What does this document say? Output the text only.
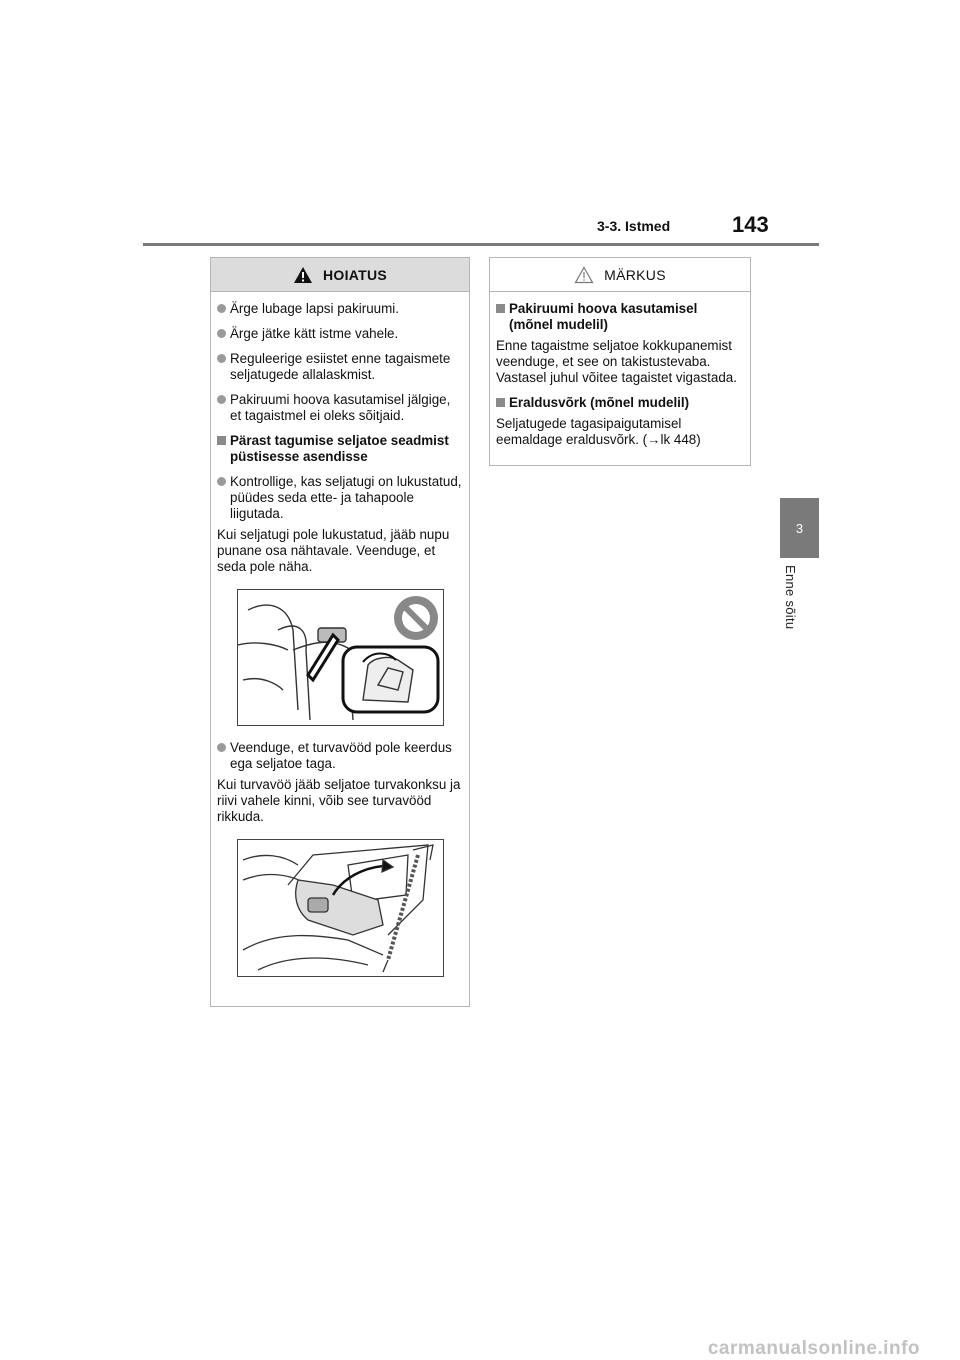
3-3. Istmed	143
3
Enne sõitu
HOIATUS
Ärge lubage lapsi pakiruumi.
Ärge jätke kätt istme vahele.
Reguleerige esiistet enne tagaismete seljatugede allalaskmist.
Pakiruumi hoova kasutamisel jälgige, et tagaistmel ei oleks sõitjaid.
Pärast tagumise seljatoe seadmist püstisesse asendisse
Kontrollige, kas seljatugi on lukustatud, püüdes seda ette- ja tahapoole liigutada.
Kui seljatugi pole lukustatud, jääb nupu punane osa nähtavale. Veenduge, et seda pole näha.
Veenduge, et turvavööd pole keerdus ega seljatoe taga.
Kui turvavöö jääb seljatoe turvakonksu ja riivi vahele kinni, võib see turvavööd rikkuda.
MÄRKUS
Pakiruumi hoova kasutamisel (mõnel mudelil)
Enne tagaistme seljatoe kokkupanemist veenduge, et see on takistustevaba. Vastasel juhul võitee tagaistet vigastada.
Eraldusvõrk (mõnel mudelil)
Seljatugede tagasipaigutamisel eemaldage eraldusvõrk. (→lk 448)
carmanualsonline.info
